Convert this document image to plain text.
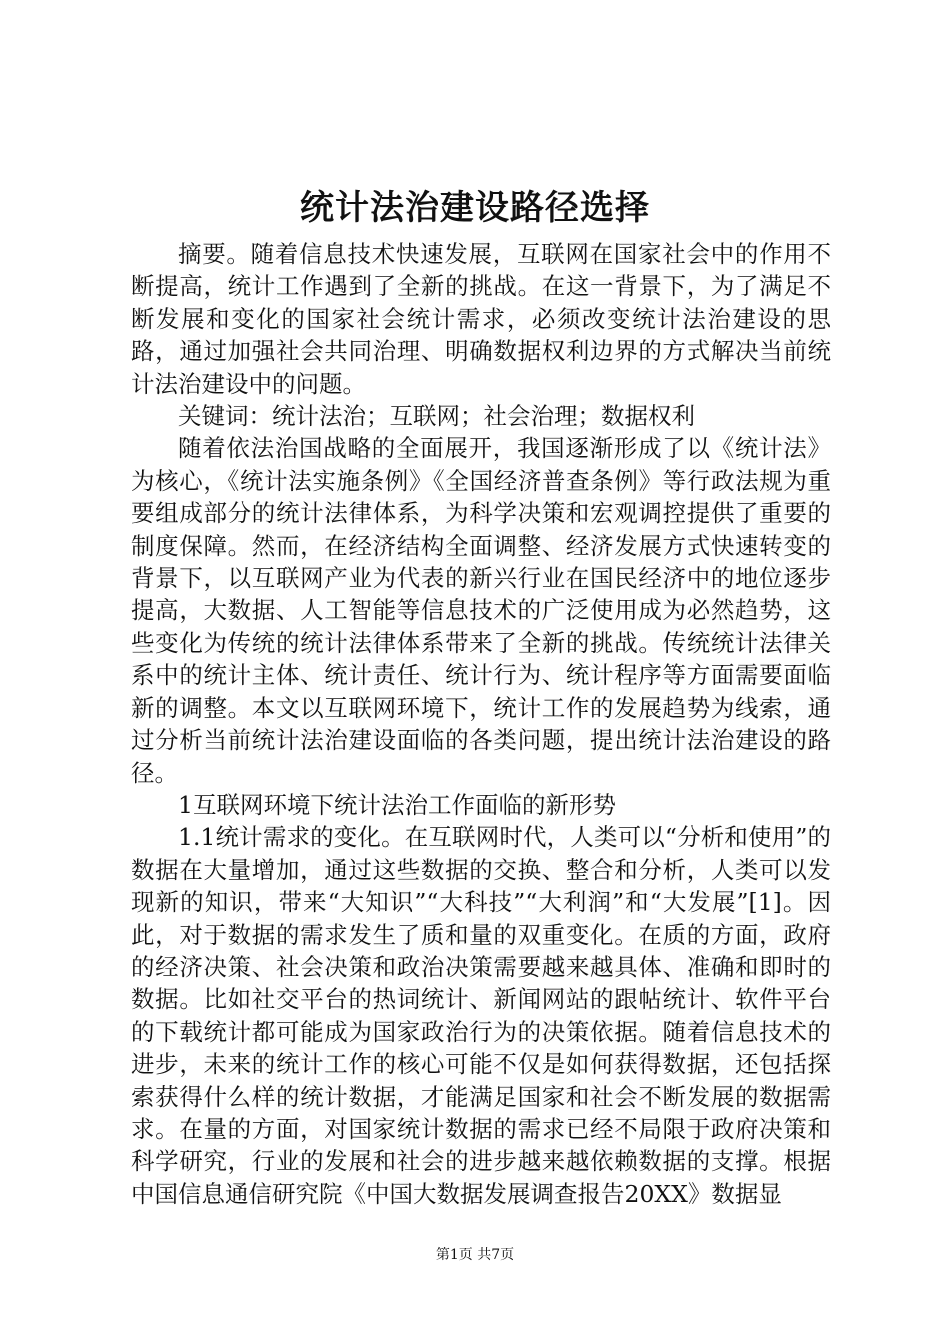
统计法治建设路径选择

摘要。随着信息技术快速发展，互联网在国家社会中的作用不断提高，统计工作遇到了全新的挑战。在这一背景下，为了满足不断发展和变化的国家社会统计需求，必须改变统计法治建设的思路，通过加强社会共同治理、明确数据权利边界的方式解决当前统计法治建设中的问题。

关键词：统计法治；互联网；社会治理；数据权利

随着依法治国战略的全面展开，我国逐渐形成了以《统计法》为核心，《统计法实施条例》《全国经济普查条例》等行政法规为重要组成部分的统计法律体系，为科学决策和宏观调控提供了重要的制度保障。然而，在经济结构全面调整、经济发展方式快速转变的背景下，以互联网产业为代表的新兴行业在国民经济中的地位逐步提高，大数据、人工智能等信息技术的广泛使用成为必然趋势，这些变化为传统的统计法律体系带来了全新的挑战。传统统计法律关系中的统计主体、统计责任、统计行为、统计程序等方面需要面临新的调整。本文以互联网环境下，统计工作的发展趋势为线索，通过分析当前统计法治建设面临的各类问题，提出统计法治建设的路径。

1互联网环境下统计法治工作面临的新形势

1.1统计需求的变化。在互联网时代，人类可以“分析和使用”的数据在大量增加，通过这些数据的交换、整合和分析，人类可以发现新的知识，带来“大知识”“大科技”“大利润”和“大发展”[1]。因此，对于数据的需求发生了质和量的双重变化。在质的方面，政府的经济决策、社会决策和政治决策需要越来越具体、准确和即时的数据。比如社交平台的热词统计、新闻网站的跟帖统计、软件平台的下载统计都可能成为国家政治行为的决策依据。随着信息技术的进步，未来的统计工作的核心可能不仅是如何获得数据，还包括探索获得什么样的统计数据，才能满足国家和社会不断发展的数据需求。在量的方面，对国家统计数据的需求已经不局限于政府决策和科学研究，行业的发展和社会的进步越来越依赖数据的支撑。根据中国信息通信研究院《中国大数据发展调查报告20XX》数据显

第1页 共7页
